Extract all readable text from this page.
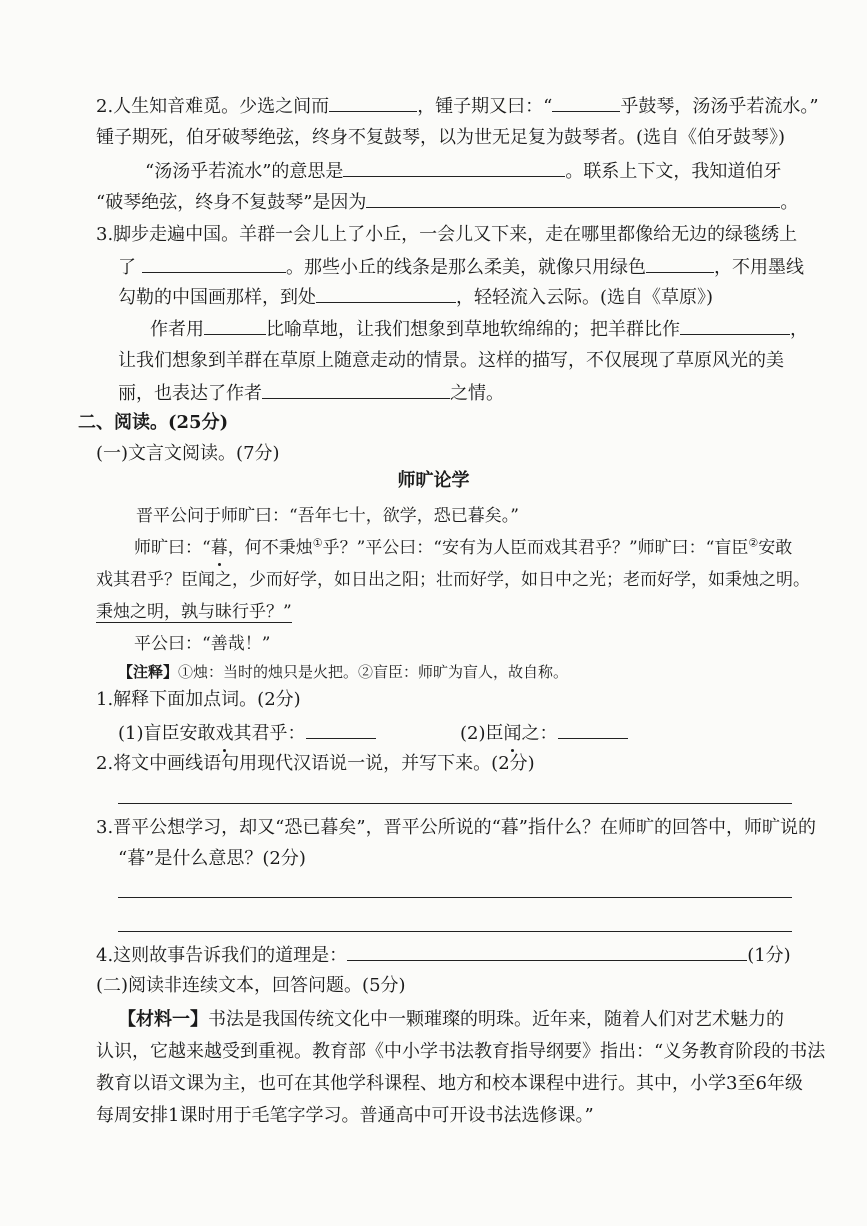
2.人生知音难觅。少选之间而	，锺子期又曰：“	乎鼓琴，汤汤乎若流水。”
锺子期死，伯牙破琴绝弦，终身不复鼓琴，以为世无足复为鼓琴者。(选自《伯牙鼓琴》)
“汤汤乎若流水”的意思是	。联系上下文，我知道伯牙
“破琴绝弦，终身不复鼓琴”是因为	。
3.脚步走遍中国。羊群一会儿上了小丘，一会儿又下来，走在哪里都像给无边的绿毯绣上
了	。那些小丘的线条是那么柔美，就像只用绿色	，不用墨线
勾勒的中国画那样，到处	，轻轻流入云际。(选自《草原》)
作者用	比喻草地，让我们想象到草地软绵绵的；把羊群比作	，
让我们想象到羊群在草原上随意走动的情景。这样的描写，不仅展现了草原风光的美
丽，也表达了作者	之情。
二、阅读。(25分)
(一)文言文阅读。(7分)
师旷论学
晋平公问于师旷曰：“吾年七十，欲学，恐已暮矣。”
师旷曰：“暮，何不秉烛①乎？”平公曰：“安有为人臣而戏其君乎？”师旷曰：“盲臣②安敢
戏其君乎？臣闻之，少而好学，如日出之阳；壮而好学，如日中之光；老而好学，如秉烛之明。
秉烛之明，孰与昧行乎？”
平公曰：“善哉！”
【注释】①烛：当时的烛只是火把。②盲臣：师旷为盲人，故自称。
1.解释下面加点词。(2分)
(1)盲臣安敢戏其君乎：	(2)臣闻之：
2.将文中画线语句用现代汉语说一说，并写下来。(2分)
3.晋平公想学习，却又“恐已暮矣”，晋平公所说的“暮”指什么？在师旷的回答中，师旷说的
“暮”是什么意思？(2分)
4.这则故事告诉我们的道理是：	(1分)
(二)阅读非连续文本，回答问题。(5分)
【材料一】书法是我国传统文化中一颗璀璨的明珠。近年来，随着人们对艺术魅力的
认识，它越来越受到重视。教育部《中小学书法教育指导纲要》指出：“义务教育阶段的书法
教育以语文课为主，也可在其他学科课程、地方和校本课程中进行。其中，小学3至6年级
每周安排1课时用于毛笔字学习。普通高中可开设书法选修课。”
